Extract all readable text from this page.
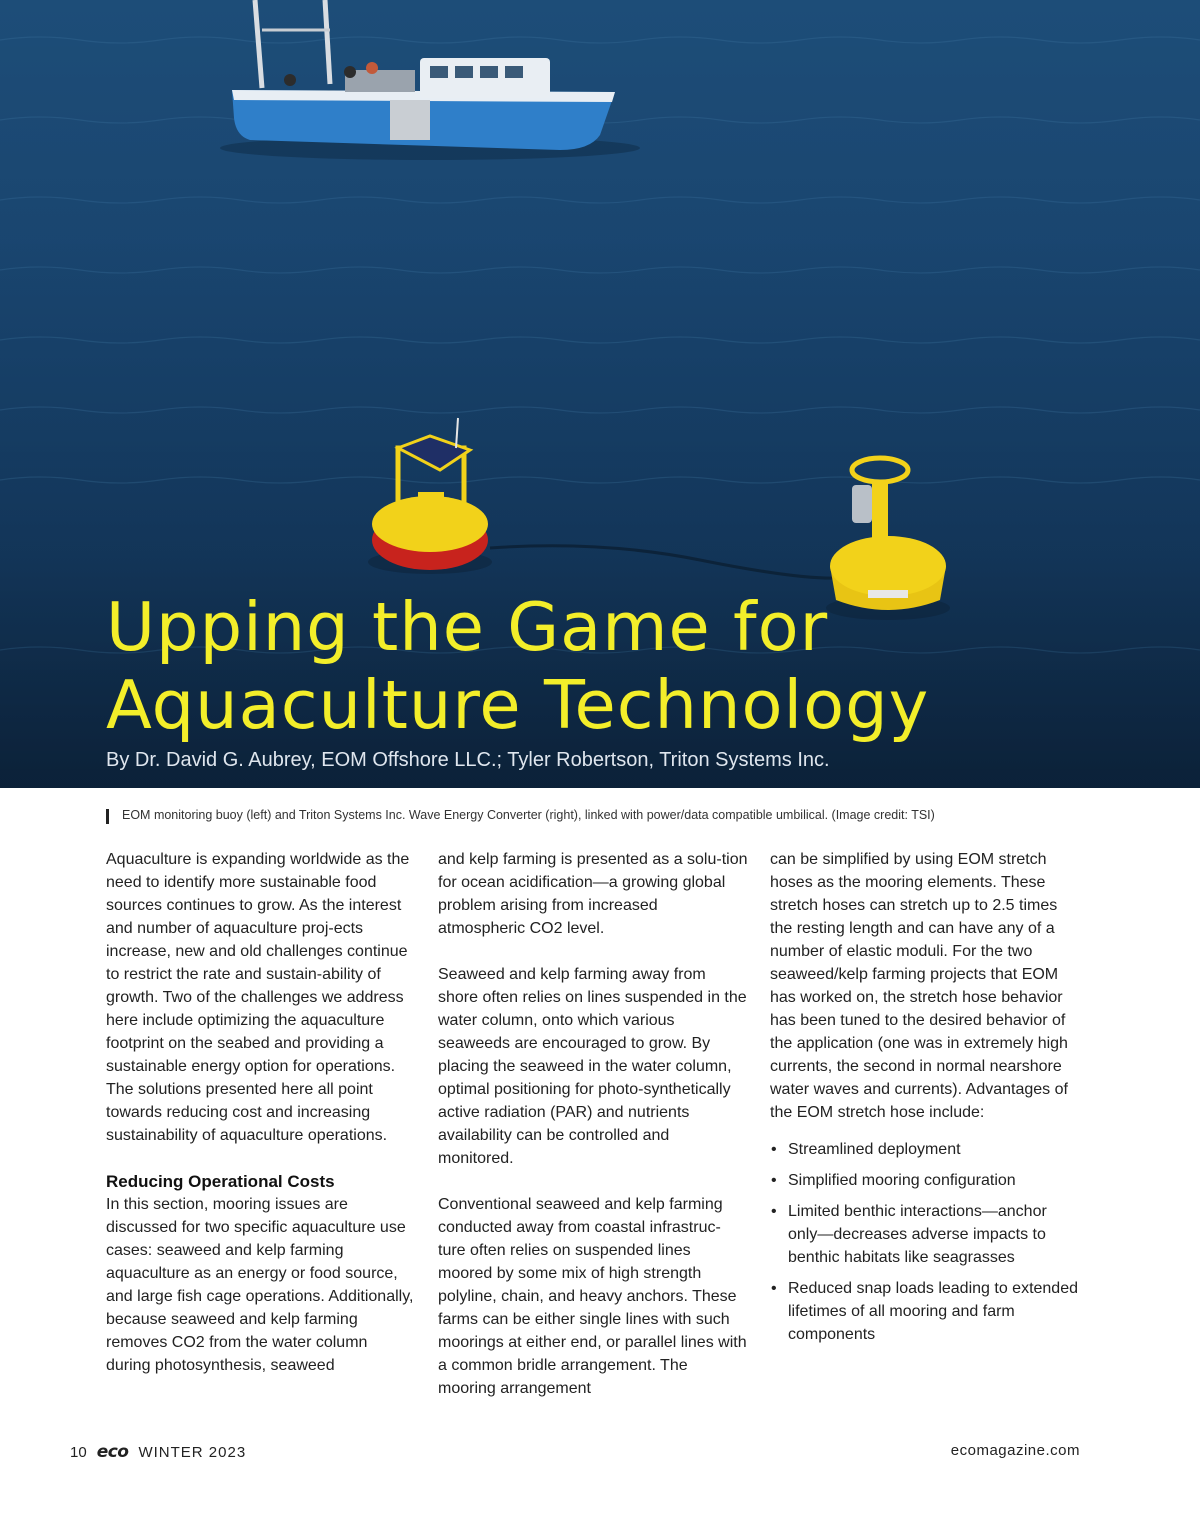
Upping the Game for
Aquaculture Technology

By Dr. David G. Aubrey, EOM Offshore LLC.; Tyler Robertson, Triton Systems Inc.

EOM monitoring buoy (left) and Triton Systems Inc. Wave Energy Converter (right), linked with power/data compatible umbilical. (Image credit: TSI)

Aquaculture is expanding worldwide as the need to identify more sustainable food sources continues to grow. As the interest and number of aquaculture proj-ects increase, new and old challenges continue to restrict the rate and sustain-ability of growth. Two of the challenges we address here include optimizing the aquaculture footprint on the seabed and providing a sustainable energy option for operations. The solutions presented here all point towards reducing cost and increasing sustainability of aquaculture operations.

Reducing Operational Costs

In this section, mooring issues are discussed for two specific aquaculture use cases: seaweed and kelp farming aquaculture as an energy or food source, and large fish cage operations. Additionally, because seaweed and kelp farming removes CO2 from the water column during photosynthesis, seaweed

and kelp farming is presented as a solu-tion for ocean acidification—a growing global problem arising from increased atmospheric CO2 level.

Seaweed and kelp farming away from shore often relies on lines suspended in the water column, onto which various seaweeds are encouraged to grow. By placing the seaweed in the water column, optimal positioning for photo-synthetically active radiation (PAR) and nutrients availability can be controlled and monitored.

Conventional seaweed and kelp farming conducted away from coastal infrastruc-ture often relies on suspended lines moored by some mix of high strength polyline, chain, and heavy anchors. These farms can be either single lines with such moorings at either end, or parallel lines with a common bridle arrangement. The mooring arrangement

can be simplified by using EOM stretch hoses as the mooring elements. These stretch hoses can stretch up to 2.5 times the resting length and can have any of a number of elastic moduli. For the two seaweed/kelp farming projects that EOM has worked on, the stretch hose behavior has been tuned to the desired behavior of the application (one was in extremely high currents, the second in normal nearshore water waves and currents). Advantages of the EOM stretch hose include:

• Streamlined deployment
• Simplified mooring configuration
• Limited benthic interactions—anchor only—decreases adverse impacts to benthic habitats like seagrasses
• Reduced snap loads leading to extended lifetimes of all mooring and farm components
10 eco WINTER 2023	ecomagazine.com
